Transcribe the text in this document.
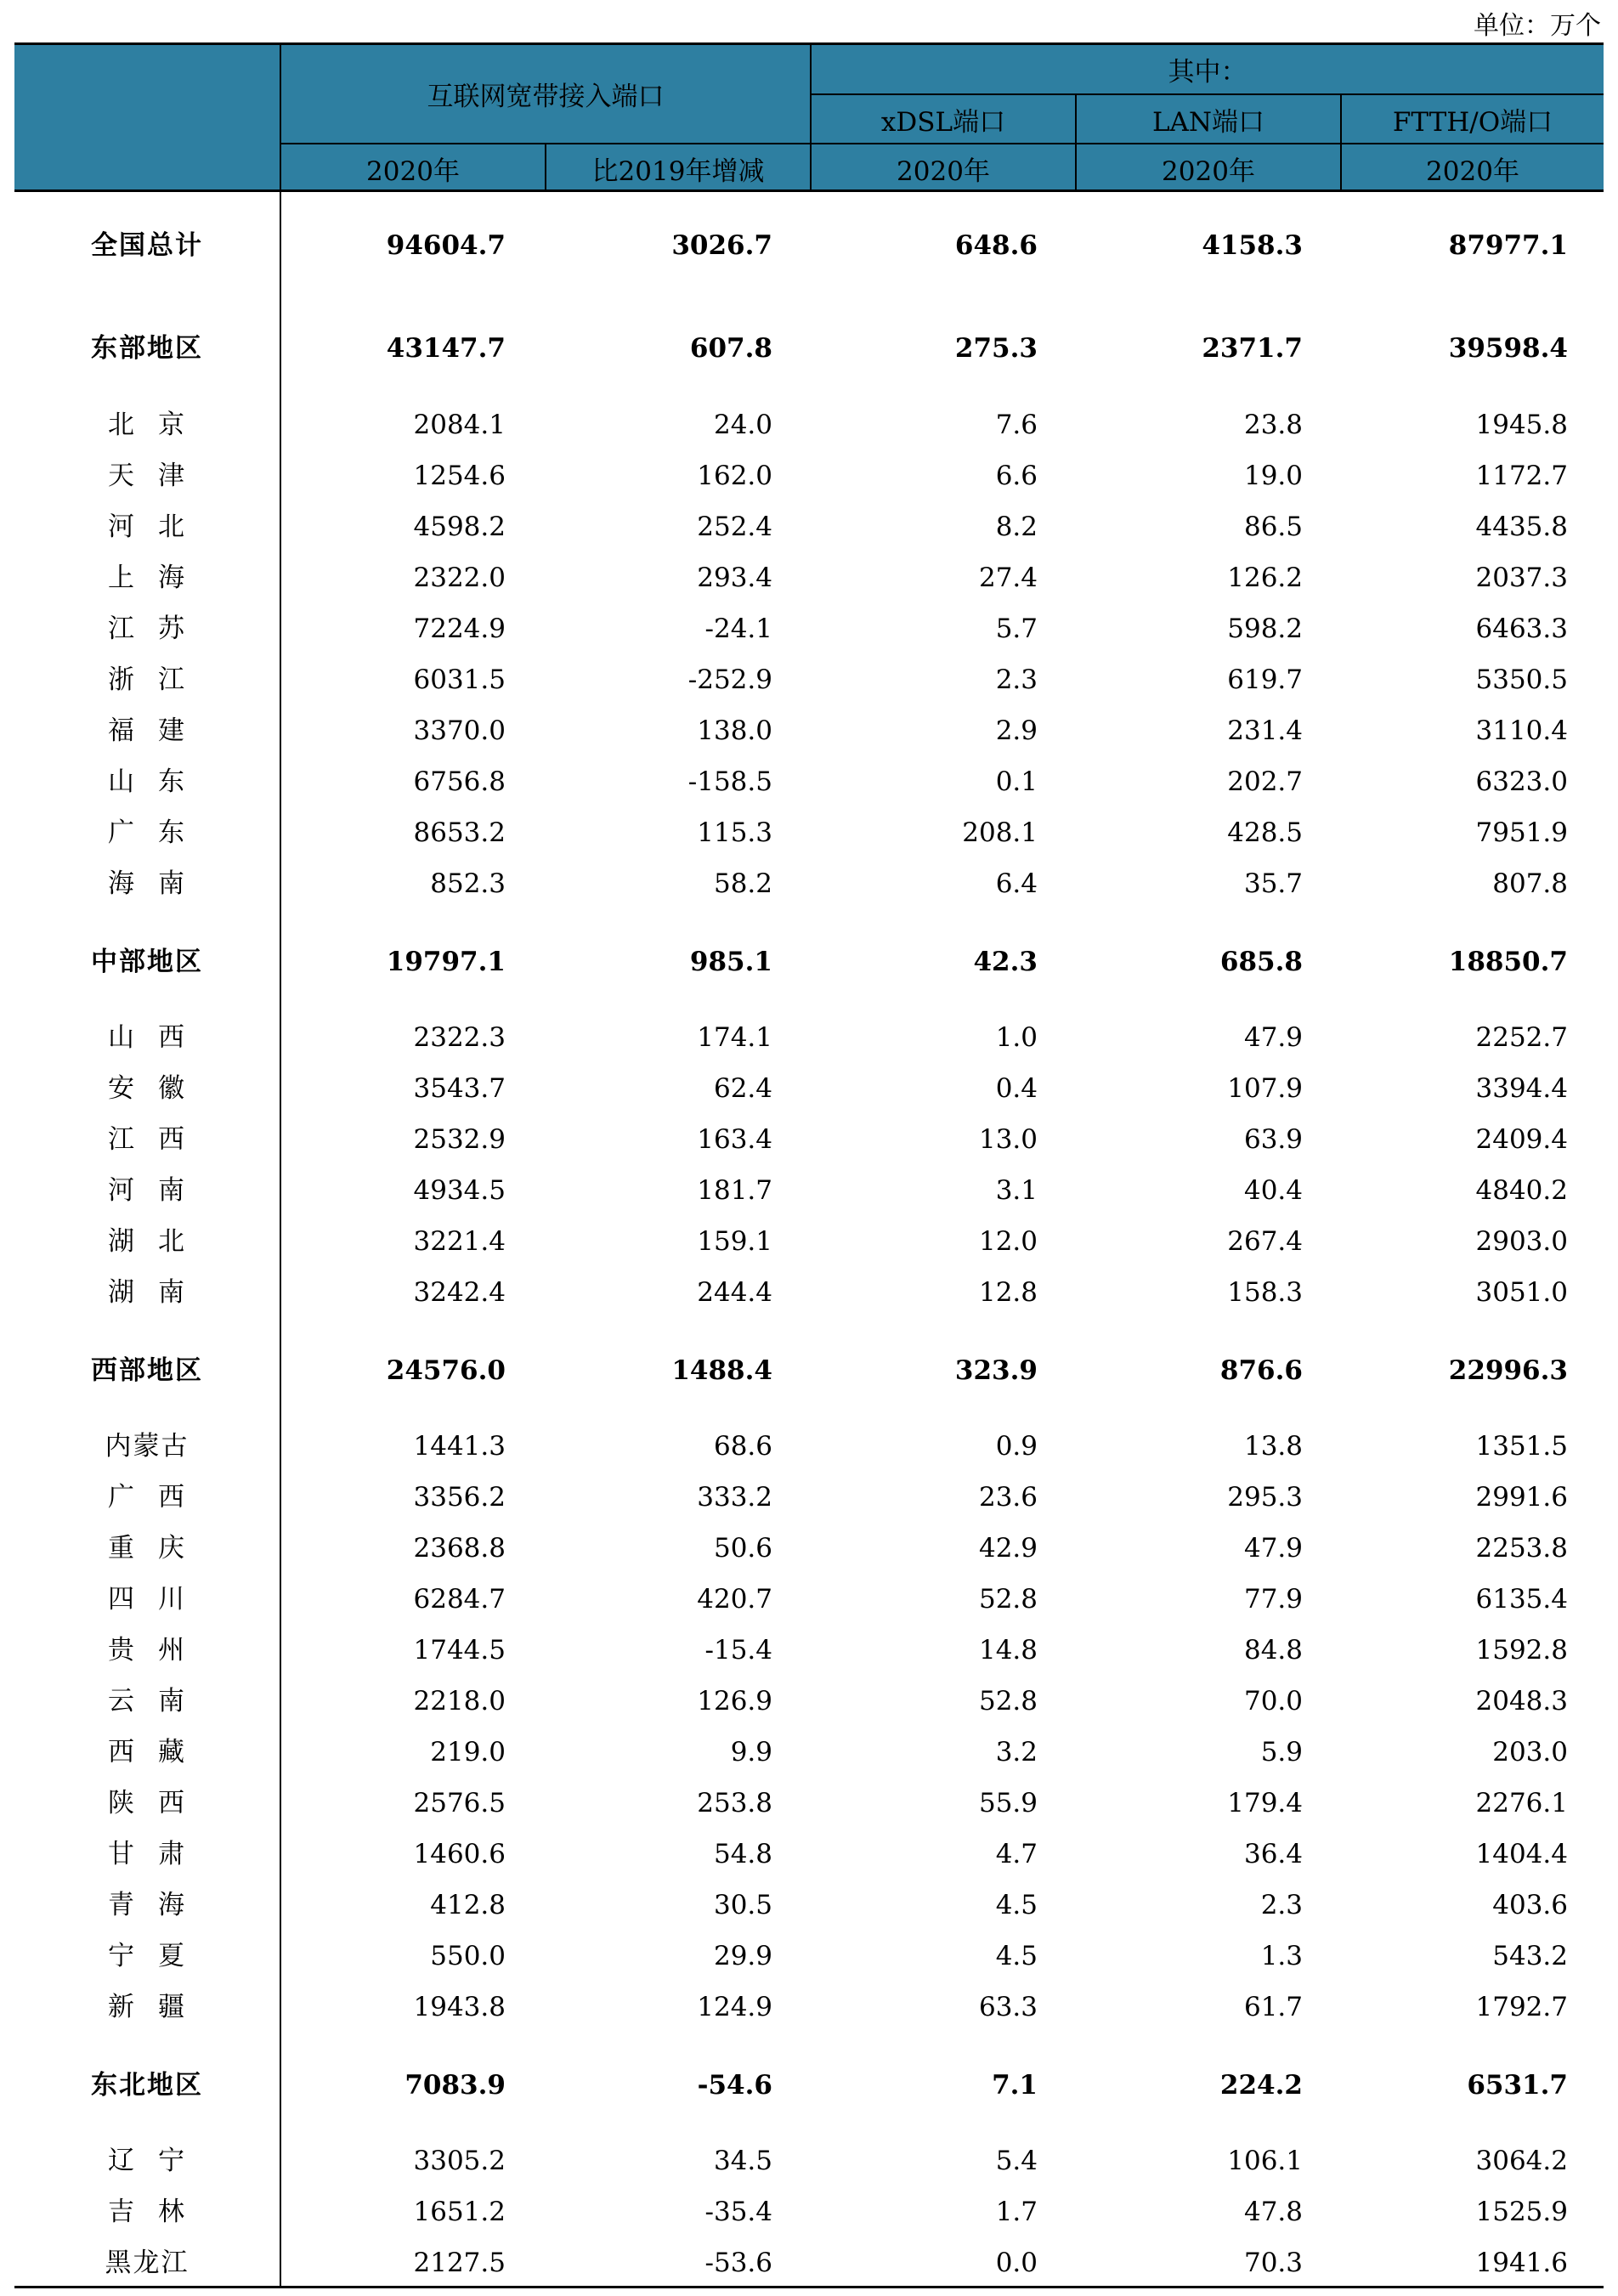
单位：万个
互联网宽带接入端口
其中：
xDSL端口	LAN端口	FTTH/O端口
2020年	比2019年增减	2020年	2020年	2020年
全国总计	94604.7	3026.7	648.6	4158.3	87977.1
东部地区	43147.7	607.8	275.3	2371.7	39598.4
北京	2084.1	24.0	7.6	23.8	1945.8
天津	1254.6	162.0	6.6	19.0	1172.7
河北	4598.2	252.4	8.2	86.5	4435.8
上海	2322.0	293.4	27.4	126.2	2037.3
江苏	7224.9	-24.1	5.7	598.2	6463.3
浙江	6031.5	-252.9	2.3	619.7	5350.5
福建	3370.0	138.0	2.9	231.4	3110.4
山东	6756.8	-158.5	0.1	202.7	6323.0
广东	8653.2	115.3	208.1	428.5	7951.9
海南	852.3	58.2	6.4	35.7	807.8
中部地区	19797.1	985.1	42.3	685.8	18850.7
山西	2322.3	174.1	1.0	47.9	2252.7
安徽	3543.7	62.4	0.4	107.9	3394.4
江西	2532.9	163.4	13.0	63.9	2409.4
河南	4934.5	181.7	3.1	40.4	4840.2
湖北	3221.4	159.1	12.0	267.4	2903.0
湖南	3242.4	244.4	12.8	158.3	3051.0
西部地区	24576.0	1488.4	323.9	876.6	22996.3
内蒙古	1441.3	68.6	0.9	13.8	1351.5
广西	3356.2	333.2	23.6	295.3	2991.6
重庆	2368.8	50.6	42.9	47.9	2253.8
四川	6284.7	420.7	52.8	77.9	6135.4
贵州	1744.5	-15.4	14.8	84.8	1592.8
云南	2218.0	126.9	52.8	70.0	2048.3
西藏	219.0	9.9	3.2	5.9	203.0
陕西	2576.5	253.8	55.9	179.4	2276.1
甘肃	1460.6	54.8	4.7	36.4	1404.4
青海	412.8	30.5	4.5	2.3	403.6
宁夏	550.0	29.9	4.5	1.3	543.2
新疆	1943.8	124.9	63.3	61.7	1792.7
东北地区	7083.9	-54.6	7.1	224.2	6531.7
辽宁	3305.2	34.5	5.4	106.1	3064.2
吉林	1651.2	-35.4	1.7	47.8	1525.9
黑龙江	2127.5	-53.6	0.0	70.3	1941.6
